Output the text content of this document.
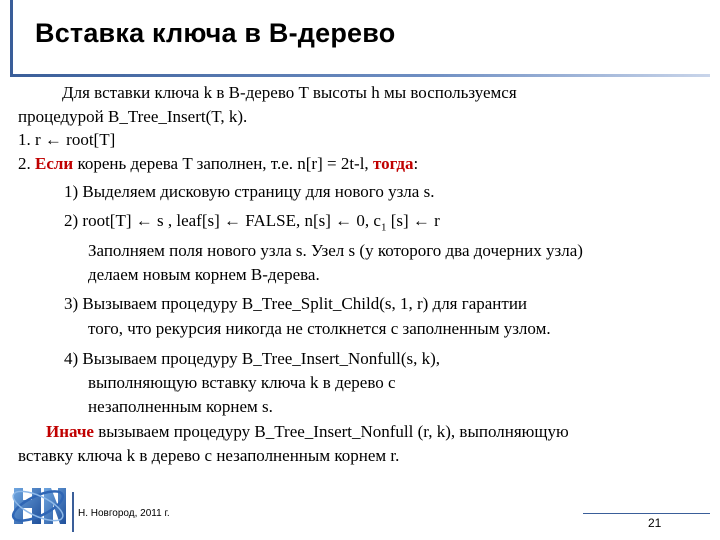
Вставка ключа в B-дерево
Для вставки ключа k в B-дерево T высоты h мы воспользуемся
процедурой B_Tree_Insert(T, k).
1. r ← root[T]
2. Если корень дерева T заполнен, т.е. n[r] = 2t-l, тогда:
1) Выделяем дисковую страницу для нового узла s.
2) root[T] ← s , leaf[s] ← FALSE, n[s] ← 0, $c_1$ [s] ← r
Заполняем поля нового узла s. Узел s (у которого два дочерних узла)
делаем новым корнем B-дерева.
3) Вызываем процедуру B_Tree_Split_Child(s, 1, r) для гарантии
того, что рекурсия никогда не столкнется с заполненным узлом.
4) Вызываем процедуру B_Tree_Insert_Nonfull(s, k),
выполняющую вставку ключа k в дерево с
незаполненным корнем s.
Иначе вызываем процедуру B_Tree_Insert_Nonfull (r, k), выполняющую
вставку ключа k в дерево с незаполненным корнем r.
Н. Новгород, 2011 г.
21
